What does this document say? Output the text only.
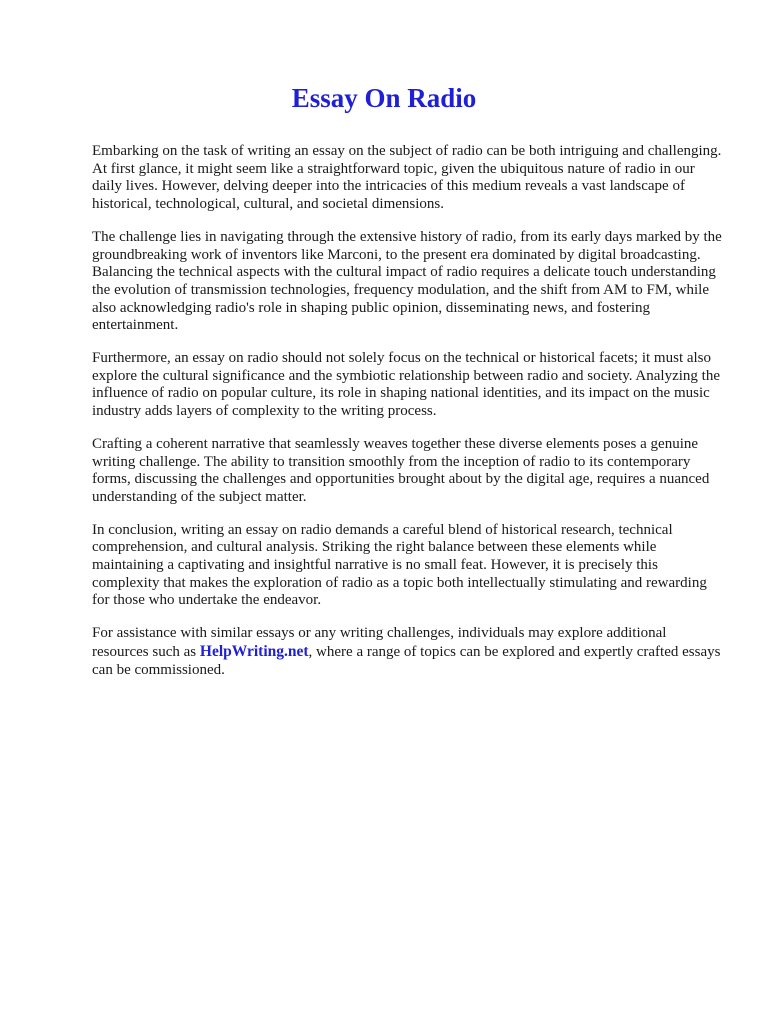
Essay On Radio

Embarking on the task of writing an essay on the subject of radio can be both intriguing and challenging. At first glance, it might seem like a straightforward topic, given the ubiquitous nature of radio in our daily lives. However, delving deeper into the intricacies of this medium reveals a vast landscape of historical, technological, cultural, and societal dimensions.

The challenge lies in navigating through the extensive history of radio, from its early days marked by the groundbreaking work of inventors like Marconi, to the present era dominated by digital broadcasting. Balancing the technical aspects with the cultural impact of radio requires a delicate touch understanding the evolution of transmission technologies, frequency modulation, and the shift from AM to FM, while also acknowledging radio's role in shaping public opinion, disseminating news, and fostering entertainment.

Furthermore, an essay on radio should not solely focus on the technical or historical facets; it must also explore the cultural significance and the symbiotic relationship between radio and society. Analyzing the influence of radio on popular culture, its role in shaping national identities, and its impact on the music industry adds layers of complexity to the writing process.

Crafting a coherent narrative that seamlessly weaves together these diverse elements poses a genuine writing challenge. The ability to transition smoothly from the inception of radio to its contemporary forms, discussing the challenges and opportunities brought about by the digital age, requires a nuanced understanding of the subject matter.

In conclusion, writing an essay on radio demands a careful blend of historical research, technical comprehension, and cultural analysis. Striking the right balance between these elements while maintaining a captivating and insightful narrative is no small feat. However, it is precisely this complexity that makes the exploration of radio as a topic both intellectually stimulating and rewarding for those who undertake the endeavor.

For assistance with similar essays or any writing challenges, individuals may explore additional resources such as HelpWriting.net, where a range of topics can be explored and expertly crafted essays can be commissioned.
